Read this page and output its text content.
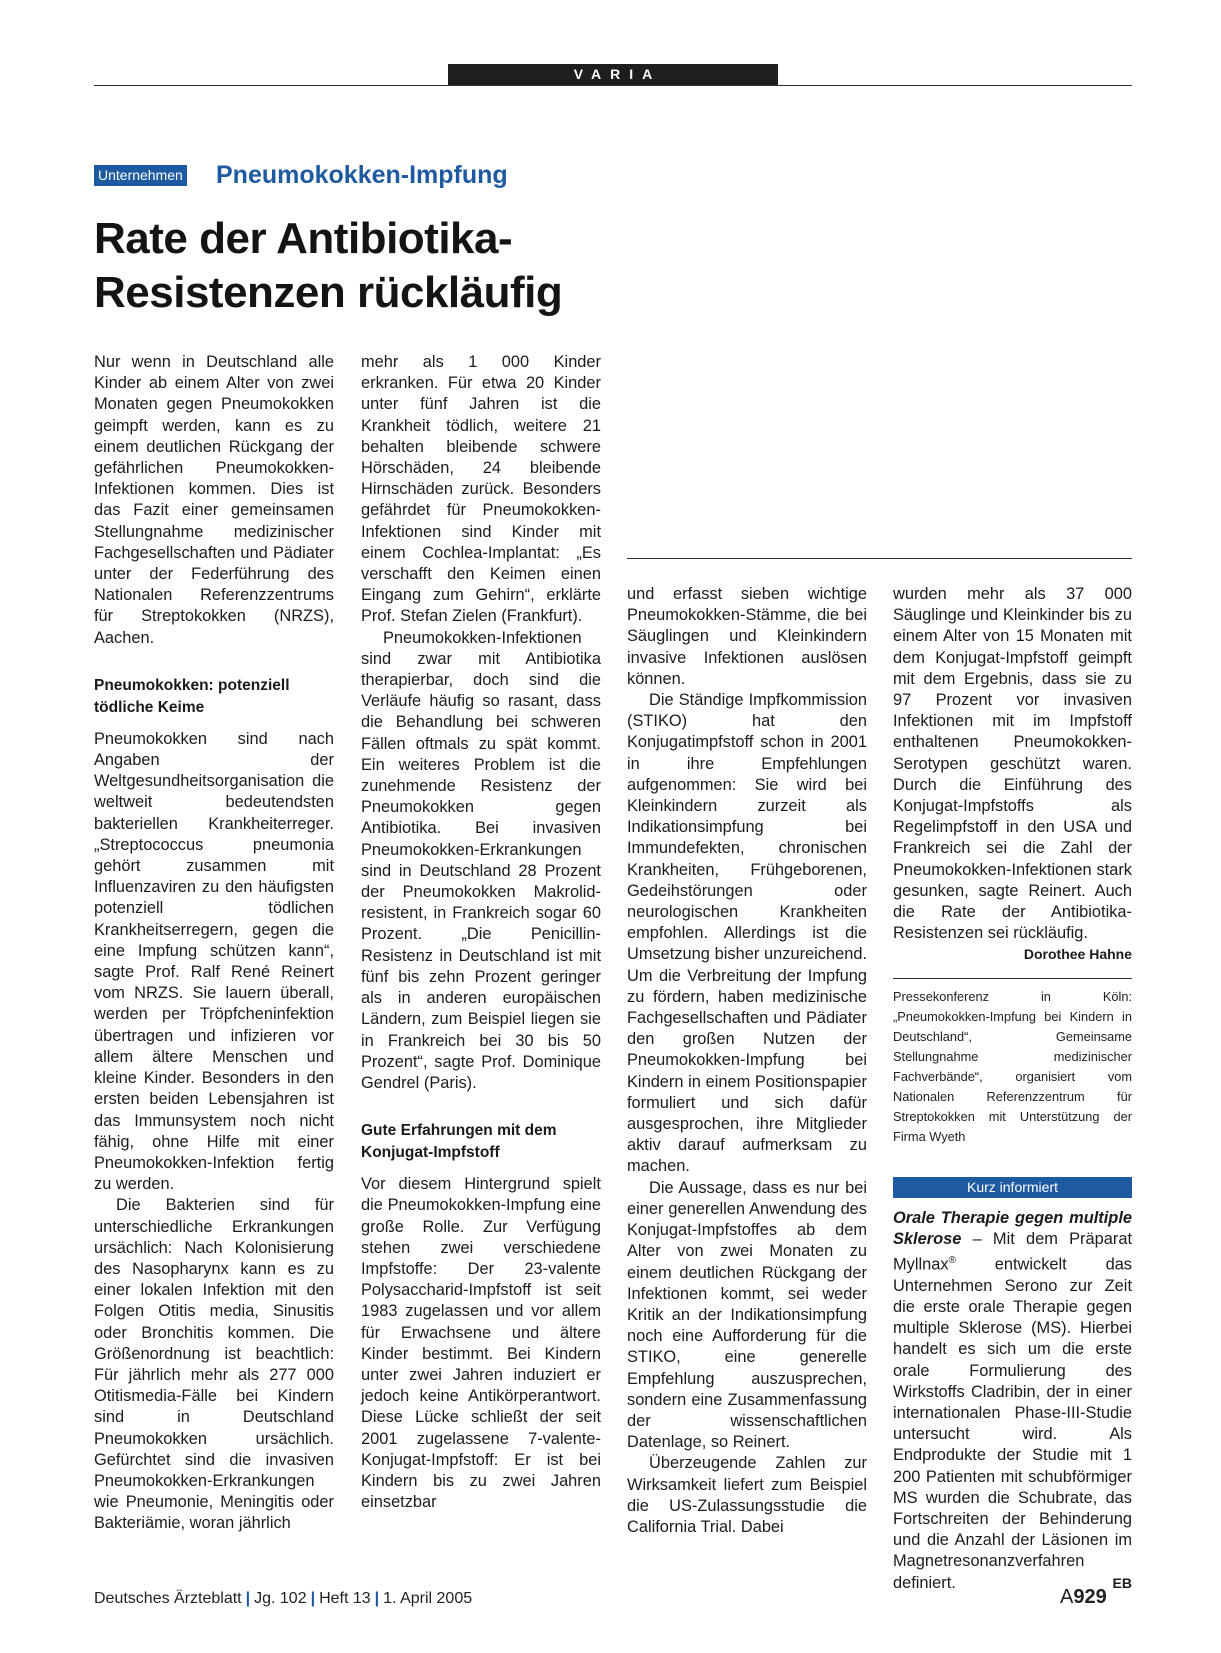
VARIA
Unternehmen Pneumokokken-Impfung
Rate der Antibiotika-
Resistenzen rückläufig

Nur wenn in Deutschland alle Kinder ab einem Alter von zwei Monaten gegen Pneumokokken geimpft werden, kann es zu einem deutlichen Rückgang der gefährlichen Pneumokokken-Infektionen kommen. Dies ist das Fazit einer gemeinsamen Stellungnahme medizinischer Fachgesellschaften und Pädiater unter der Federführung des Nationalen Referenzzentrums für Streptokokken (NRZS), Aachen.

Pneumokokken: potenziell tödliche Keime

Pneumokokken sind nach Angaben der Weltgesundheitsorganisation die weltweit bedeutendsten bakteriellen Krankheiterreger. „Streptococcus pneumonia gehört zusammen mit Influenzaviren zu den häufigsten potenziell tödlichen Krankheitserregern, gegen die eine Impfung schützen kann“, sagte Prof. Ralf René Reinert vom NRZS. Sie lauern überall, werden per Tröpfcheninfektion übertragen und infizieren vor allem ältere Menschen und kleine Kinder. Besonders in den ersten beiden Lebensjahren ist das Immunsystem noch nicht fähig, ohne Hilfe mit einer Pneumokokken-Infektion fertig zu werden.

Die Bakterien sind für unterschiedliche Erkrankungen ursächlich: Nach Kolonisierung des Nasopharynx kann es zu einer lokalen Infektion mit den Folgen Otitis media, Sinusitis oder Bronchitis kommen. Die Größenordnung ist beachtlich: Für jährlich mehr als 277 000 Otitismedia-Fälle bei Kindern sind in Deutschland Pneumokokken ursächlich. Gefürchtet sind die invasiven Pneumokokken-Erkrankungen wie Pneumonie, Meningitis oder Bakteriämie, woran jährlich

mehr als 1 000 Kinder erkranken. Für etwa 20 Kinder unter fünf Jahren ist die Krankheit tödlich, weitere 21 behalten bleibende schwere Hörschäden, 24 bleibende Hirnschäden zurück. Besonders gefährdet für Pneumokokken-Infektionen sind Kinder mit einem Cochlea-Implantat: „Es verschafft den Keimen einen Eingang zum Gehirn“, erklärte Prof. Stefan Zielen (Frankfurt).

Pneumokokken-Infektionen sind zwar mit Antibiotika therapierbar, doch sind die Verläufe häufig so rasant, dass die Behandlung bei schweren Fällen oftmals zu spät kommt. Ein weiteres Problem ist die zunehmende Resistenz der Pneumokokken gegen Antibiotika. Bei invasiven Pneumokokken-Erkrankungen sind in Deutschland 28 Prozent der Pneumokokken Makrolid-resistent, in Frankreich sogar 60 Prozent. „Die Penicillin-Resistenz in Deutschland ist mit fünf bis zehn Prozent geringer als in anderen europäischen Ländern, zum Beispiel liegen sie in Frankreich bei 30 bis 50 Prozent“, sagte Prof. Dominique Gendrel (Paris).

Gute Erfahrungen mit dem Konjugat-Impfstoff

Vor diesem Hintergrund spielt die Pneumokokken-Impfung eine große Rolle. Zur Verfügung stehen zwei verschiedene Impfstoffe: Der 23-valente Polysaccharid-Impfstoff ist seit 1983 zugelassen und vor allem für Erwachsene und ältere Kinder bestimmt. Bei Kindern unter zwei Jahren induziert er jedoch keine Antikörperantwort. Diese Lücke schließt der seit 2001 zugelassene 7-valente-Konjugat-Impfstoff: Er ist bei Kindern bis zu zwei Jahren einsetzbar

und erfasst sieben wichtige Pneumokokken-Stämme, die bei Säuglingen und Kleinkindern invasive Infektionen auslösen können.

Die Ständige Impfkommission (STIKO) hat den Konjugatimpfstoff schon in 2001 in ihre Empfehlungen aufgenommen: Sie wird bei Kleinkindern zurzeit als Indikationsimpfung bei Immundefekten, chronischen Krankheiten, Frühgeborenen, Gedeihstörungen oder neurologischen Krankheiten empfohlen. Allerdings ist die Umsetzung bisher unzureichend. Um die Verbreitung der Impfung zu fördern, haben medizinische Fachgesellschaften und Pädiater den großen Nutzen der Pneumokokken-Impfung bei Kindern in einem Positionspapier formuliert und sich dafür ausgesprochen, ihre Mitglieder aktiv darauf aufmerksam zu machen.

Die Aussage, dass es nur bei einer generellen Anwendung des Konjugat-Impfstoffes ab dem Alter von zwei Monaten zu einem deutlichen Rückgang der Infektionen kommt, sei weder Kritik an der Indikationsimpfung noch eine Aufforderung für die STIKO, eine generelle Empfehlung auszusprechen, sondern eine Zusammenfassung der wissenschaftlichen Datenlage, so Reinert.

Überzeugende Zahlen zur Wirksamkeit liefert zum Beispiel die US-Zulassungsstudie die California Trial. Dabei

wurden mehr als 37 000 Säuglinge und Kleinkinder bis zu einem Alter von 15 Monaten mit dem Konjugat-Impfstoff geimpft mit dem Ergebnis, dass sie zu 97 Prozent vor invasiven Infektionen mit im Impfstoff enthaltenen Pneumokokken-Serotypen geschützt waren. Durch die Einführung des Konjugat-Impfstoffs als Regelimpfstoff in den USA und Frankreich sei die Zahl der Pneumokokken-Infektionen stark gesunken, sagte Reinert. Auch die Rate der Antibiotika-Resistenzen sei rückläufig.
Dorothee Hahne

Pressekonferenz in Köln: „Pneumokokken-Impfung bei Kindern in Deutschland“, Gemeinsame Stellungnahme medizinischer Fachverbände“, organisiert vom Nationalen Referenzzentrum für Streptokokken mit Unterstützung der Firma Wyeth
Kurz informiert

Orale Therapie gegen multiple Sklerose – Mit dem Präparat Myllnax® entwickelt das Unternehmen Serono zur Zeit die erste orale Therapie gegen multiple Sklerose (MS). Hierbei handelt es sich um die erste orale Formulierung des Wirkstoffs Cladribin, der in einer internationalen Phase-III-Studie untersucht wird. Als Endprodukte der Studie mit 1 200 Patienten mit schubförmiger MS wurden die Schubrate, das Fortschreiten der Behinderung und die Anzahl der Läsionen im Magnetresonanzverfahren definiert.	EB

Deutsches Ärzteblatt | Jg. 102 | Heft 13 | 1. April 2005	A929
